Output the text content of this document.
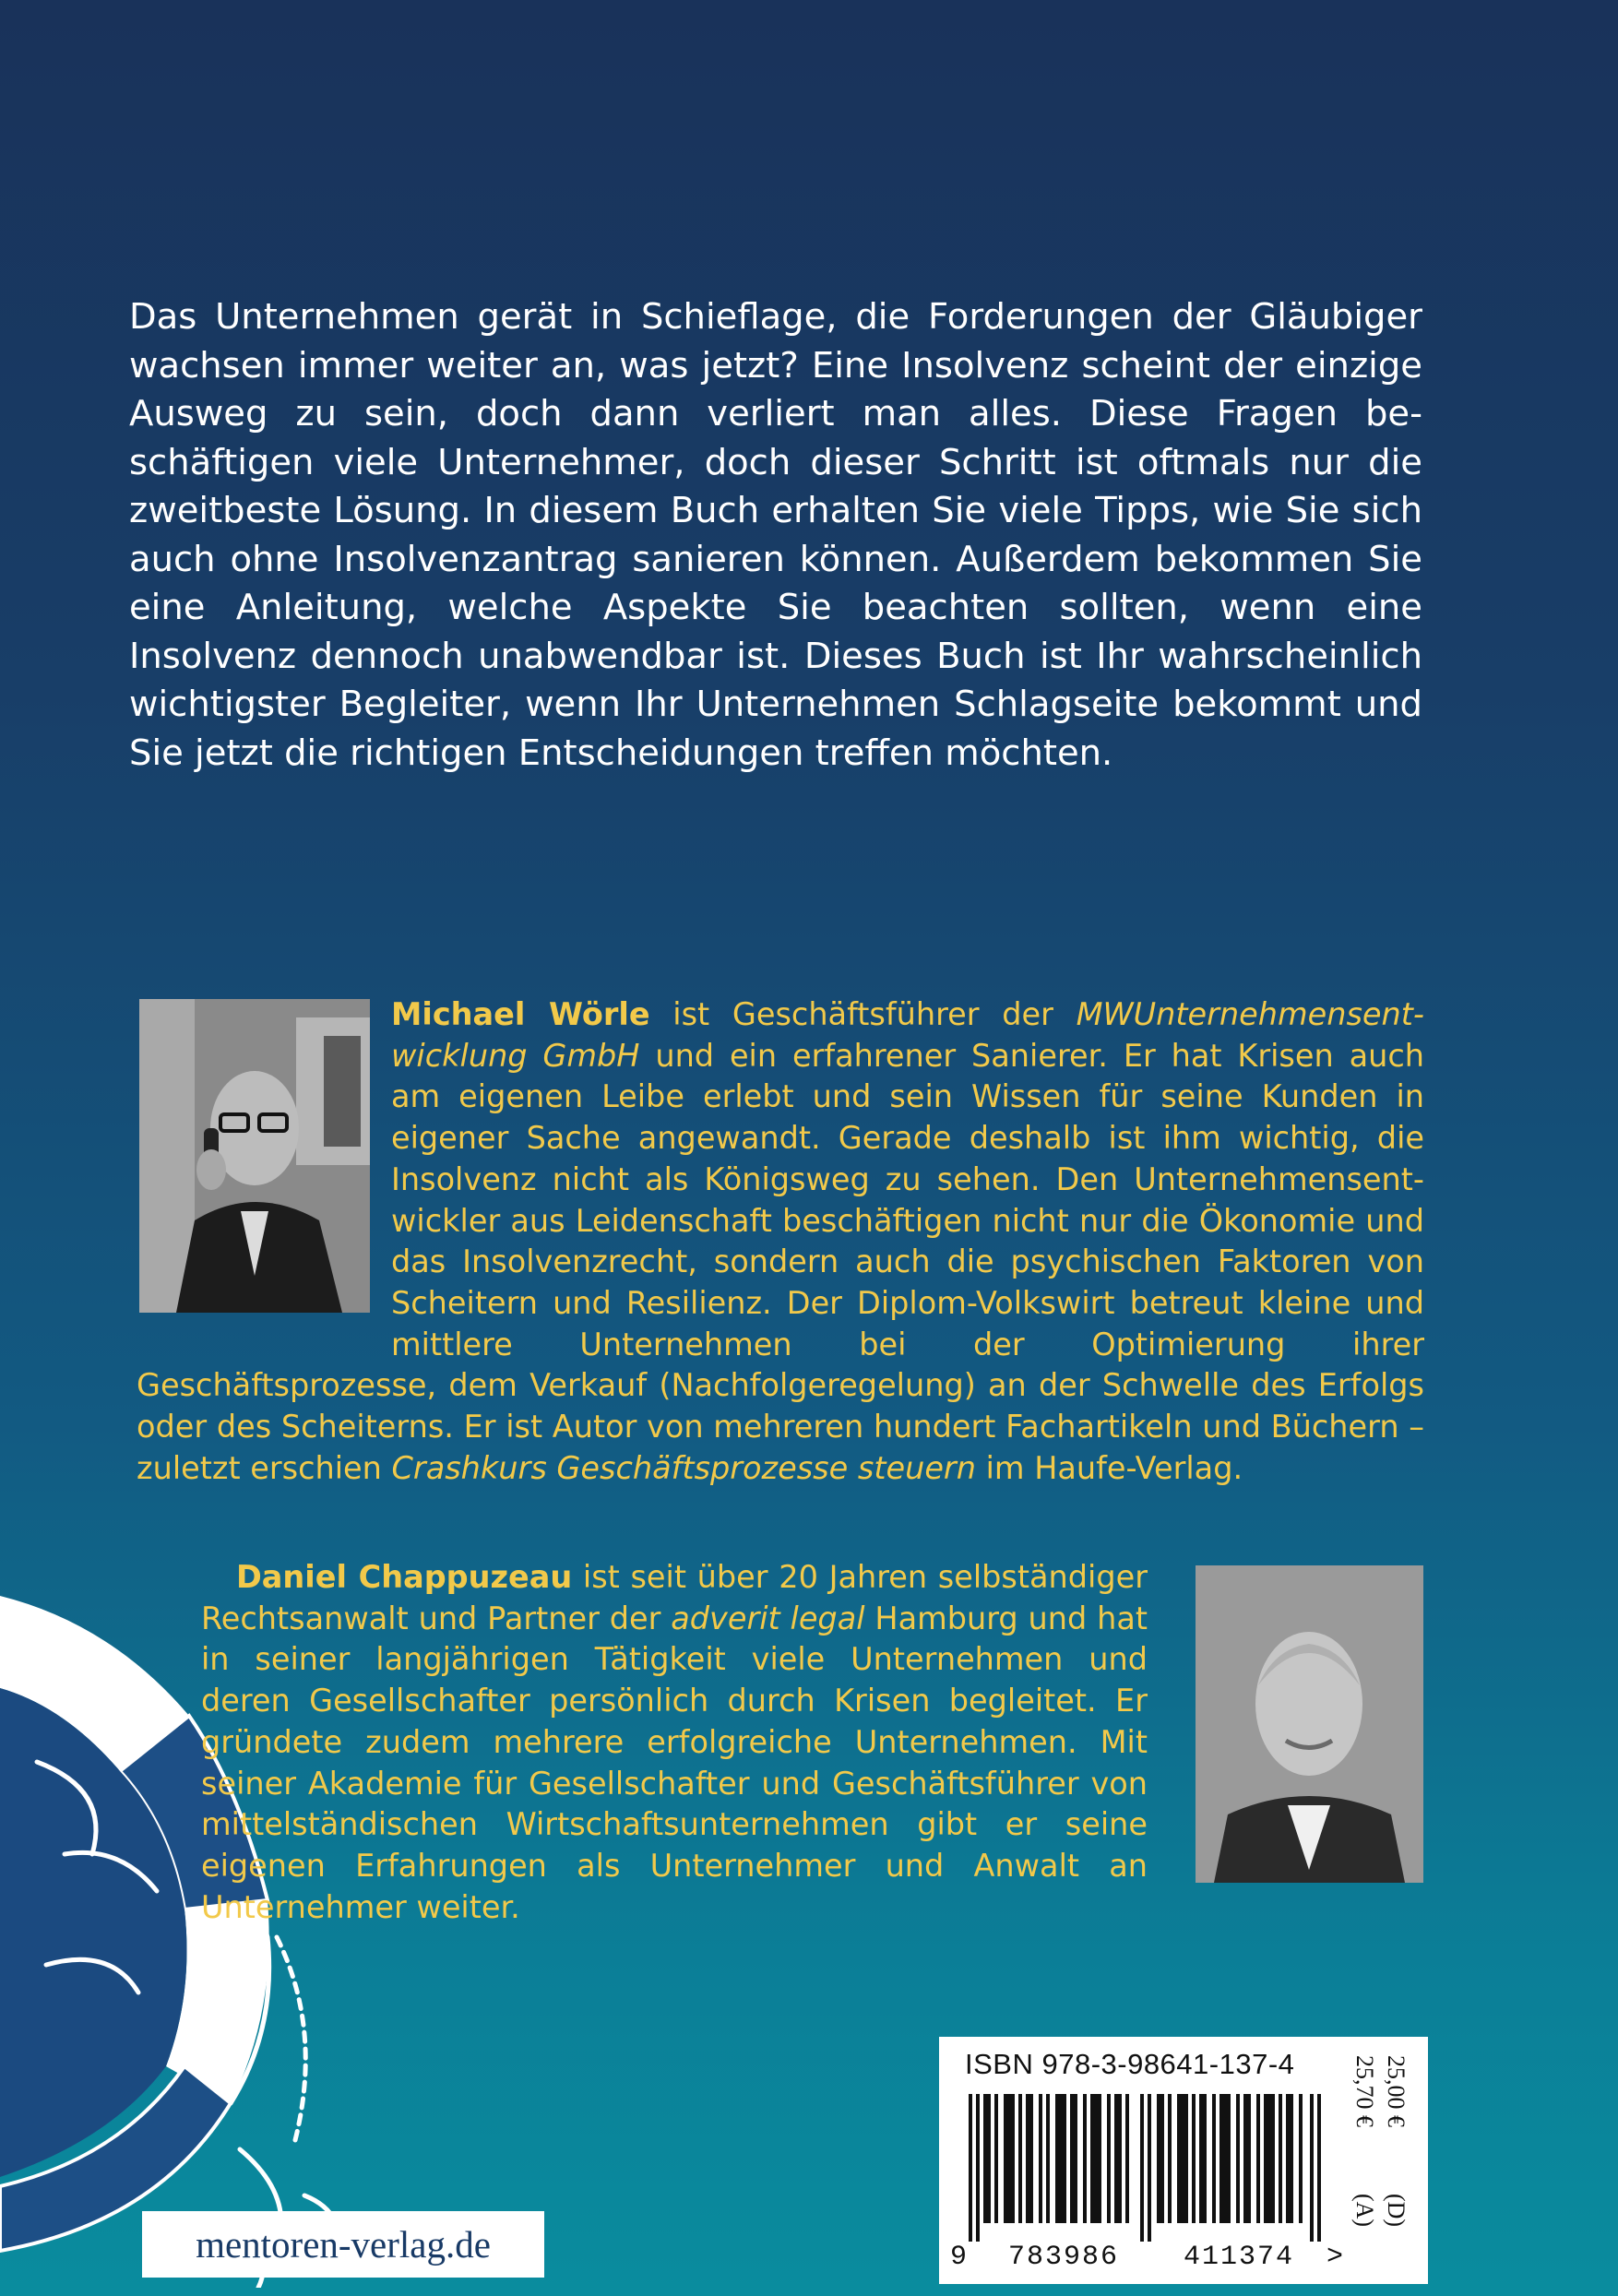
Das Unternehmen gerät in Schieflage, die Forderungen der Gläubiger wachsen immer weiter an, was jetzt? Eine Insolvenz scheint der einzige Ausweg zu sein, doch dann verliert man alles. Diese Fragen beschäftigen viele Unternehmer, doch dieser Schritt ist oftmals nur die zweitbeste Lösung. In diesem Buch erhalten Sie viele Tipps, wie Sie sich auch ohne Insolvenzantrag sanieren können. Außerdem bekommen Sie eine Anleitung, welche Aspekte Sie beachten sollten, wenn eine Insolvenz dennoch unabwendbar ist. Dieses Buch ist Ihr wahrscheinlich wichtigster Begleiter, wenn Ihr Unternehmen Schlagseite bekommt und Sie jetzt die richtigen Entscheidungen treffen möchten.

Michael Wörle ist Geschäftsführer der MWUnternehmensentwicklung GmbH und ein erfahrener Sanierer. Er hat Krisen auch am eigenen Leibe erlebt und sein Wissen für seine Kunden in eigener Sache angewandt. Gerade deshalb ist ihm wichtig, die Insolvenz nicht als Königsweg zu sehen. Den Unternehmensentwickler aus Leidenschaft beschäftigen nicht nur die Ökonomie und das Insolvenzrecht, sondern auch die psychischen Faktoren von Scheitern und Resilienz. Der Diplom-Volkswirt betreut kleine und mittlere Unternehmen bei der Optimierung ihrer Geschäftsprozesse, dem Verkauf (Nachfolgeregelung) an der Schwelle des Erfolgs oder des Scheiterns. Er ist Autor von mehreren hundert Fachartikeln und Büchern – zuletzt erschien Crashkurs Geschäftsprozesse steuern im Haufe-Verlag.

Daniel Chappuzeau ist seit über 20 Jahren selbständiger Rechtsanwalt und Partner der adverit legal Hamburg und hat in seiner langjährigen Tätigkeit viele Unternehmen und deren Gesellschafter persönlich durch Krisen begleitet. Er gründete zudem mehrere erfolgreiche Unternehmen. Mit seiner Akademie für Gesellschafter und Geschäftsführer von mittelständischen Wirtschaftsunternehmen gibt er seine eigenen Erfahrungen als Unternehmer und Anwalt an Unternehmer weiter.

ISBN 978-3-98641-137-4
9 783986 411374 >
25,00 €(D)
25,70 €(A)
mentoren-verlag.de
